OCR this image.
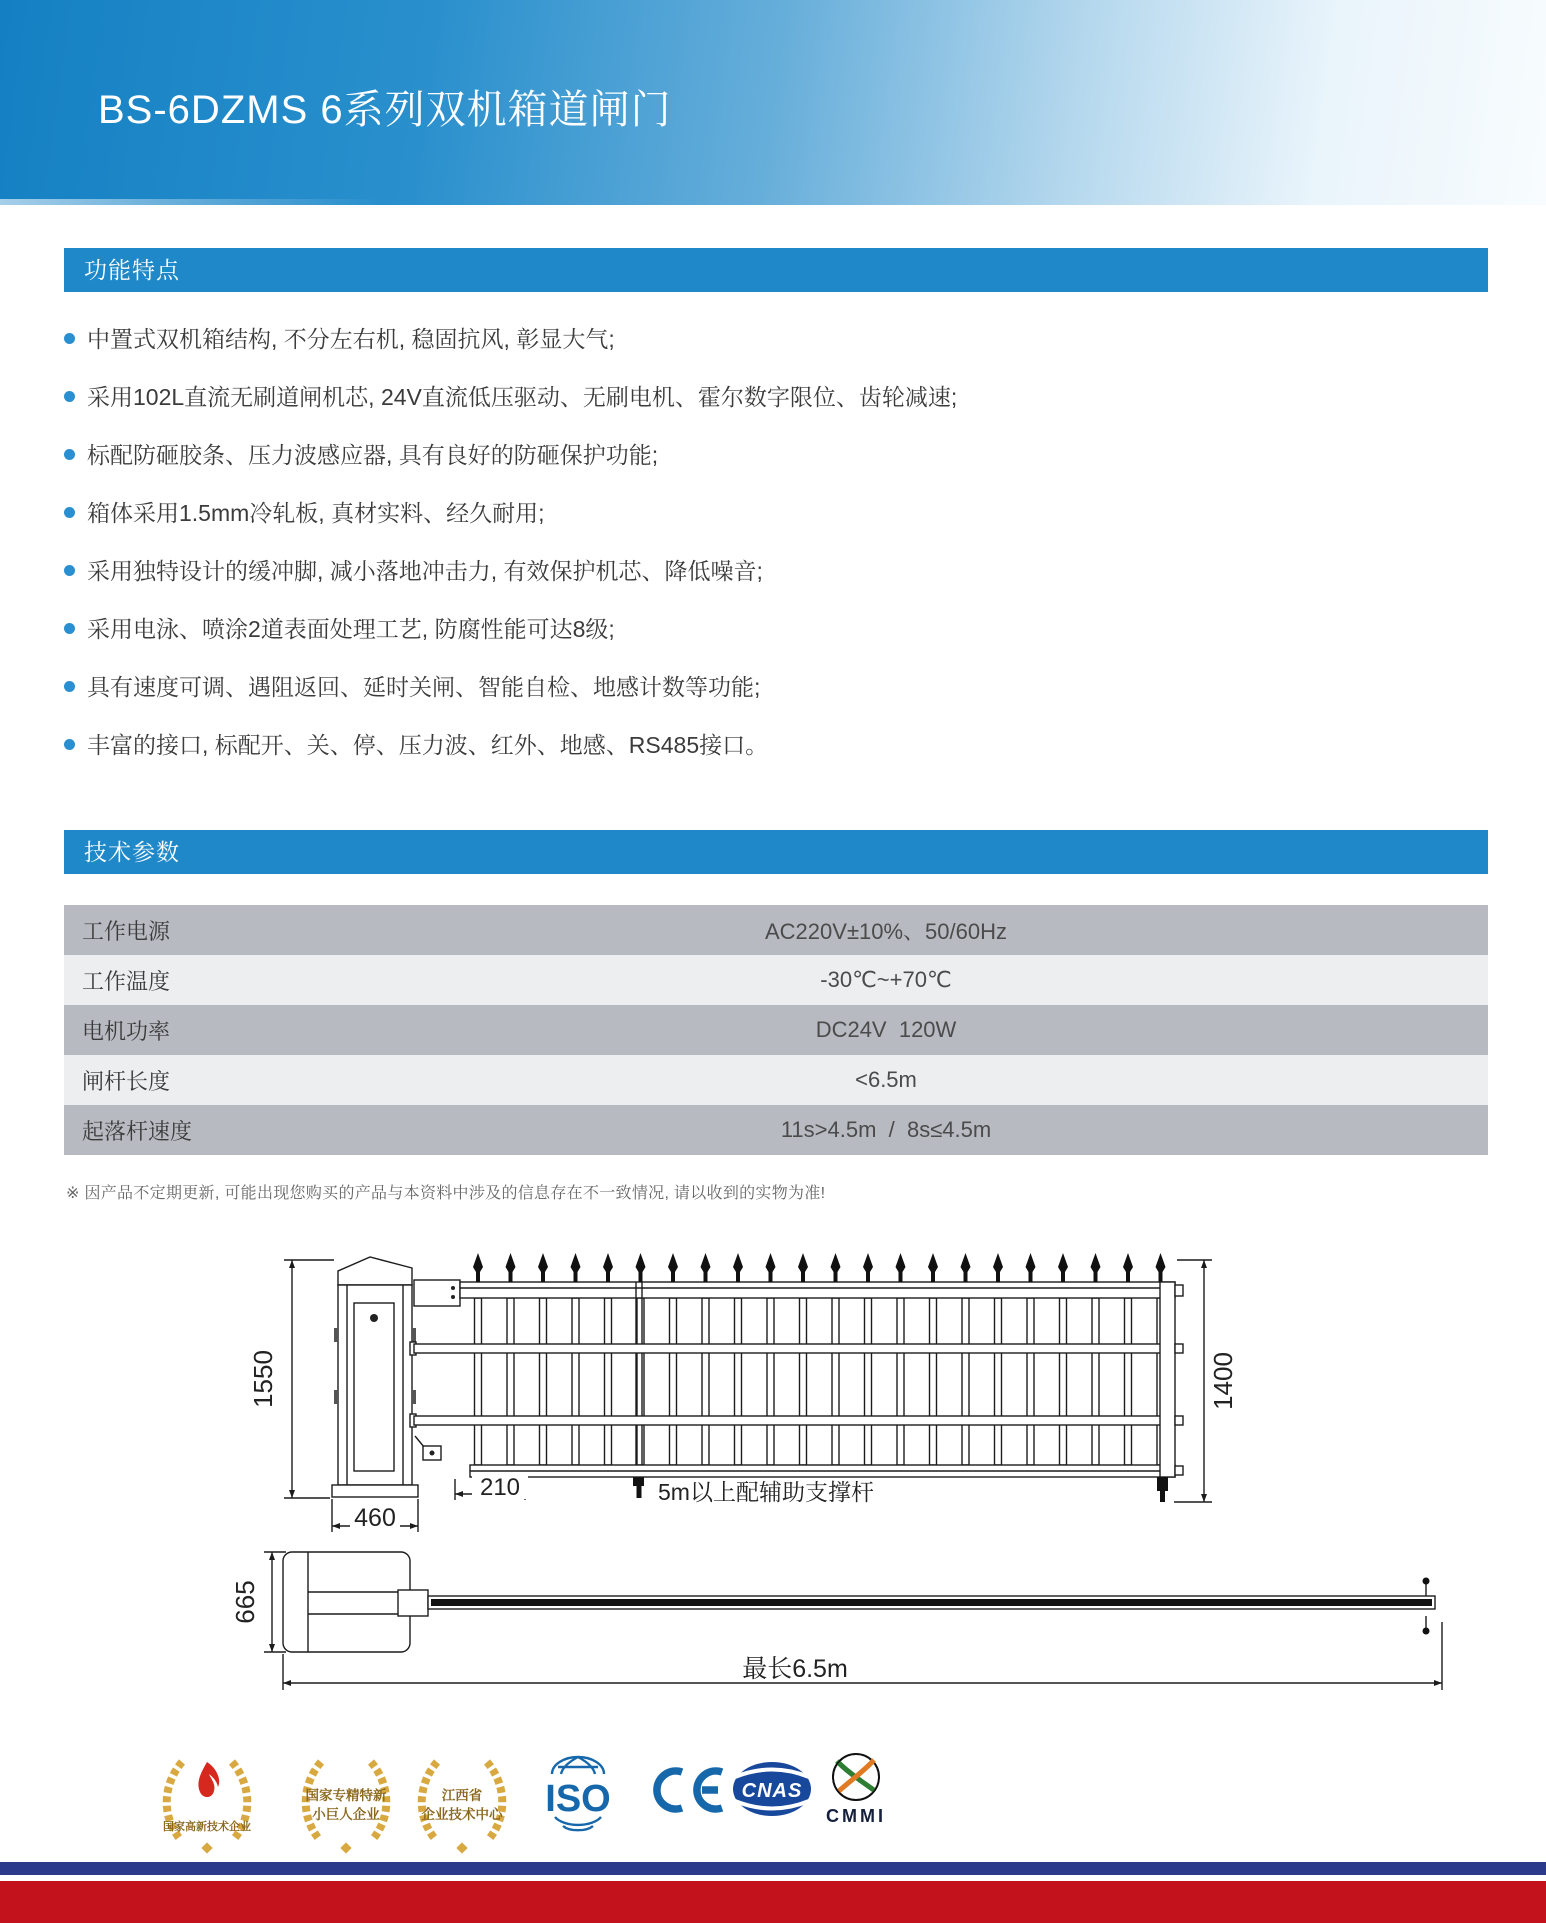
BS-6DZMS 6系列双机箱道闸门
功能特点
中置式双机箱结构, 不分左右机, 稳固抗风, 彰显大气;
采用102L直流无刷道闸机芯, 24V直流低压驱动、无刷电机、霍尔数字限位、齿轮减速;
标配防砸胶条、压力波感应器, 具有良好的防砸保护功能;
箱体采用1.5mm冷轧板, 真材实料、经久耐用;
采用独特设计的缓冲脚, 减小落地冲击力, 有效保护机芯、降低噪音;
采用电泳、喷涂2道表面处理工艺, 防腐性能可达8级;
具有速度可调、遇阻返回、延时关闸、智能自检、地感计数等功能;
丰富的接口, 标配开、关、停、压力波、红外、地感、RS485接口。
技术参数
工作电源	AC220V±10%、50/60Hz
工作温度	-30℃~+70℃
电机功率	DC24V  120W
闸杆长度	<6.5m
起落杆速度	11s>4.5m  /  8s≤4.5m
※ 因产品不定期更新, 可能出现您购买的产品与本资料中涉及的信息存在不一致情况, 请以收到的实物为准!
1550
460
210	5m以上配辅助支撑杆
1400
665
最长6.5m
国家高新技术企业
国家专精特新
小巨人企业
江西省
企业技术中心 ISO	CNAS
CMMI
